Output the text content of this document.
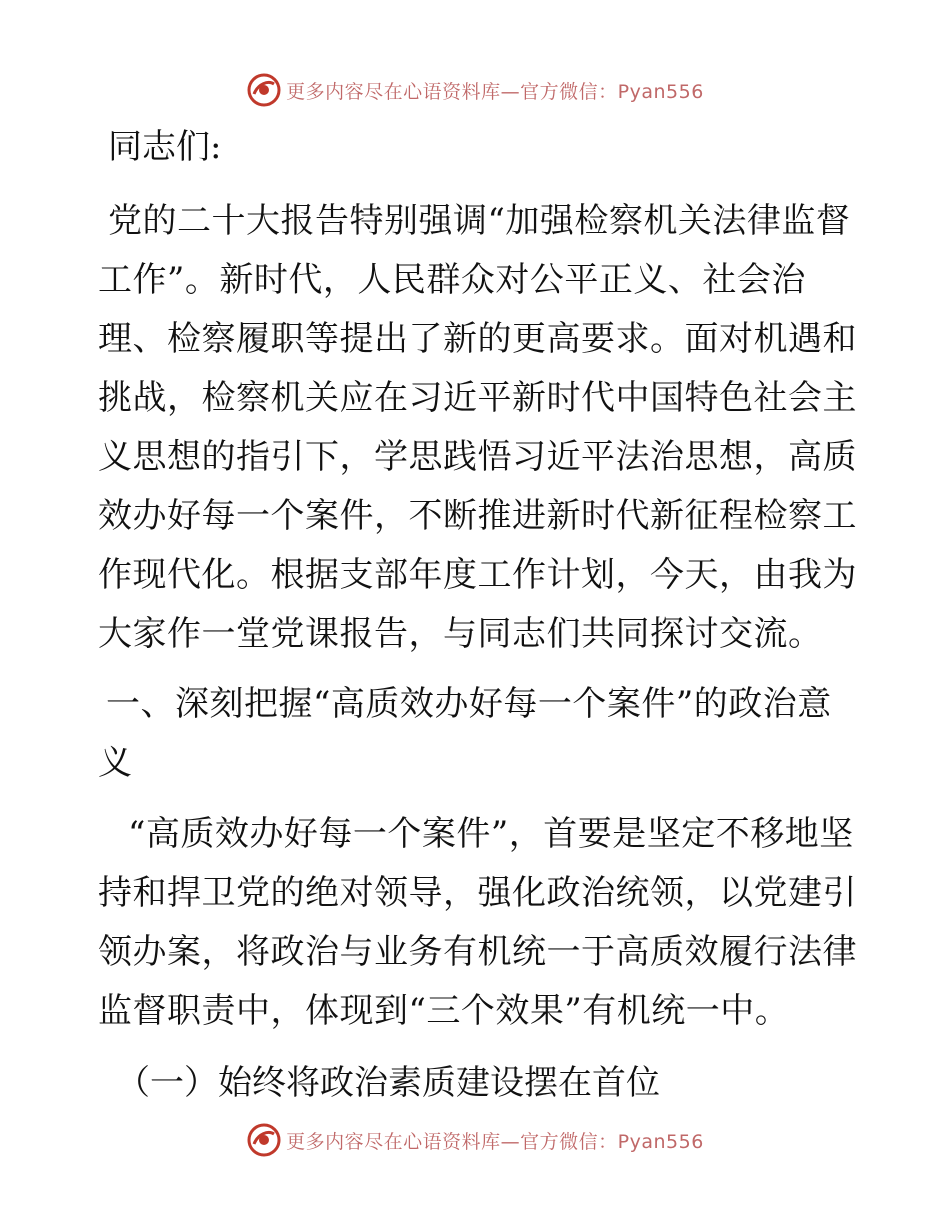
更多内容尽在心语资料库—官方微信：Pyan556
同志们:

党的二十大报告特别强调“加强检察机关法律监督工作”。新时代，人民群众对公平正义、社会治理、检察履职等提出了新的更高要求。面对机遇和挑战，检察机关应在习近平新时代中国特色社会主义思想的指引下，学思践悟习近平法治思想，高质效办好每一个案件，不断推进新时代新征程检察工作现代化。根据支部年度工作计划，今天，由我为大家作一堂党课报告，与同志们共同探讨交流。

一、深刻把握“高质效办好每一个案件”的政治意义

“高质效办好每一个案件”，首要是坚定不移地坚持和捍卫党的绝对领导，强化政治统领，以党建引领办案，将政治与业务有机统一于高质效履行法律监督职责中，体现到“三个效果”有机统一中。

（一）始终将政治素质建设摆在首位
更多内容尽在心语资料库—官方微信：Pyan556
